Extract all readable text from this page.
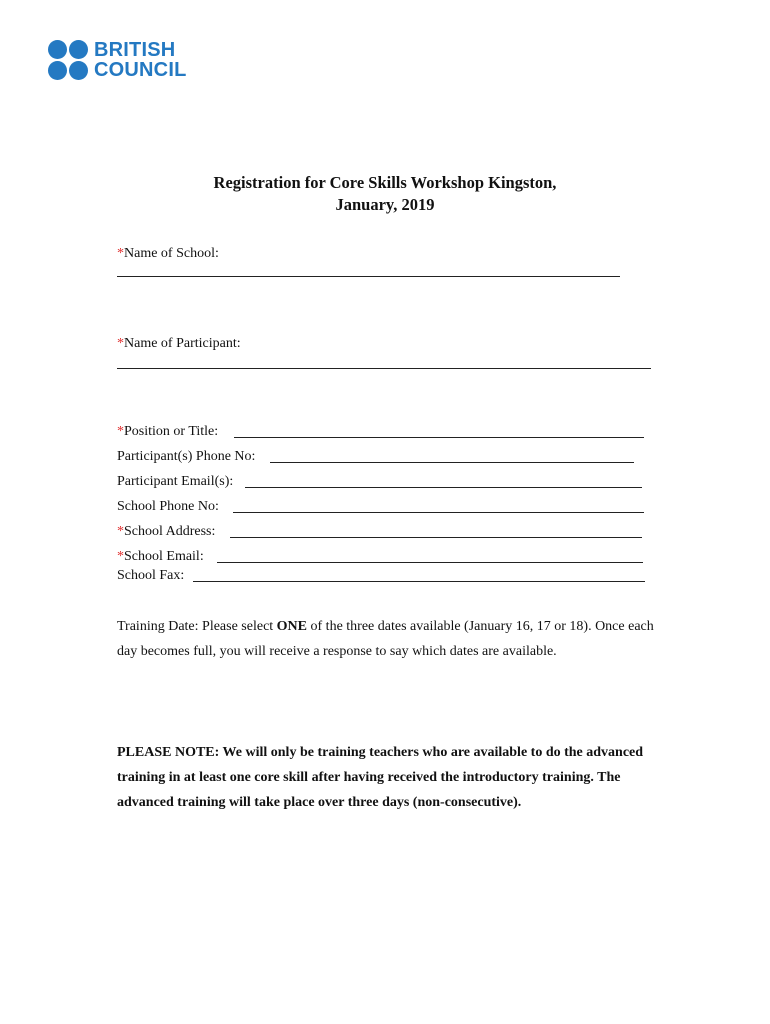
BRITISH
COUNCIL
Registration for Core Skills Workshop Kingston,
January, 2019
*Name of School:
*Name of Participant:
*Position or Title:
Participant(s) Phone No:
Participant Email(s):
School Phone No:
*School Address:
*School Email:
School Fax:
Training Date: Please select ONE of the three dates available (January 16, 17 or 18). Once each day becomes full, you will receive a response to say which dates are available.
PLEASE NOTE: We will only be training teachers who are available to do the advanced training in at least one core skill after having received the introductory training. The advanced training will take place over three days (non-consecutive).
